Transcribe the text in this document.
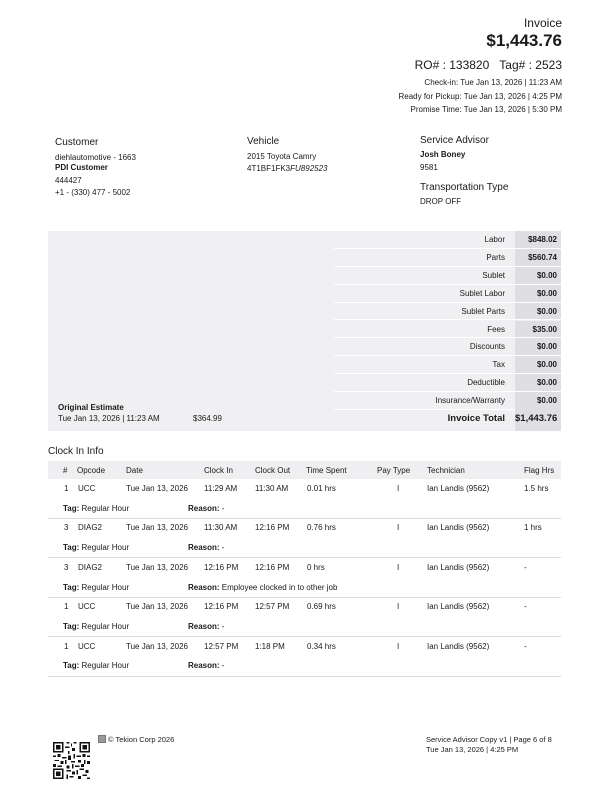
Invoice
$1,443.76
RO# : 133820 Tag# : 2523
Check-in: Tue Jan 13, 2026 | 11:23 AM
Ready for Pickup: Tue Jan 13, 2026 | 4:25 PM
Promise Time: Tue Jan 13, 2026 | 5:30 PM
Customer
diehlautomotive - 1663
PDI Customer
444427
+1 - (330) 477 - 5002
Vehicle
2015 Toyota Camry
4T1BF1FK3FU892523
Service Advisor
Josh Boney
9581
Transportation Type
DROP OFF
Labor	$848.02
Parts	$560.74
Sublet	$0.00
Sublet Labor	$0.00
Sublet Parts	$0.00
Fees	$35.00
Discounts	$0.00
Tax	$0.00
Deductible	$0.00
Insurance/Warranty	$0.00
Invoice Total	$1,443.76
Original Estimate
Tue Jan 13, 2026 | 11:23 AM	$364.99
Clock In Info
# Opcode	Date	Clock In	Clock Out Time Spent	Pay Type Technician	Flag Hrs
1 UCC	Tue Jan 13, 2026 11:29 AM 11:30 AM 0.01 hrs	I	Ian Landis (9562)	1.5 hrs
Tag: Regular Hour	Reason: -
3 DIAG2	Tue Jan 13, 2026 11:30 AM 12:16 PM 0.76 hrs	I	Ian Landis (9562)	1 hrs
Tag: Regular Hour	Reason: -
3 DIAG2	Tue Jan 13, 2026 12:16 PM 12:16 PM 0 hrs	I	Ian Landis (9562)	-
Tag: Regular Hour	Reason: Employee clocked in to other job
1 UCC	Tue Jan 13, 2026 12:16 PM 12:57 PM 0.69 hrs	I	Ian Landis (9562)	-
Tag: Regular Hour	Reason: -
1 UCC	Tue Jan 13, 2026 12:57 PM 1:18 PM	0.34 hrs	I	Ian Landis (9562)	-
Tag: Regular Hour	Reason: -
© Tekion Corp 2026	Service Advisor Copy v1 | Page 6 of 8
Tue Jan 13, 2026 | 4:25 PM
